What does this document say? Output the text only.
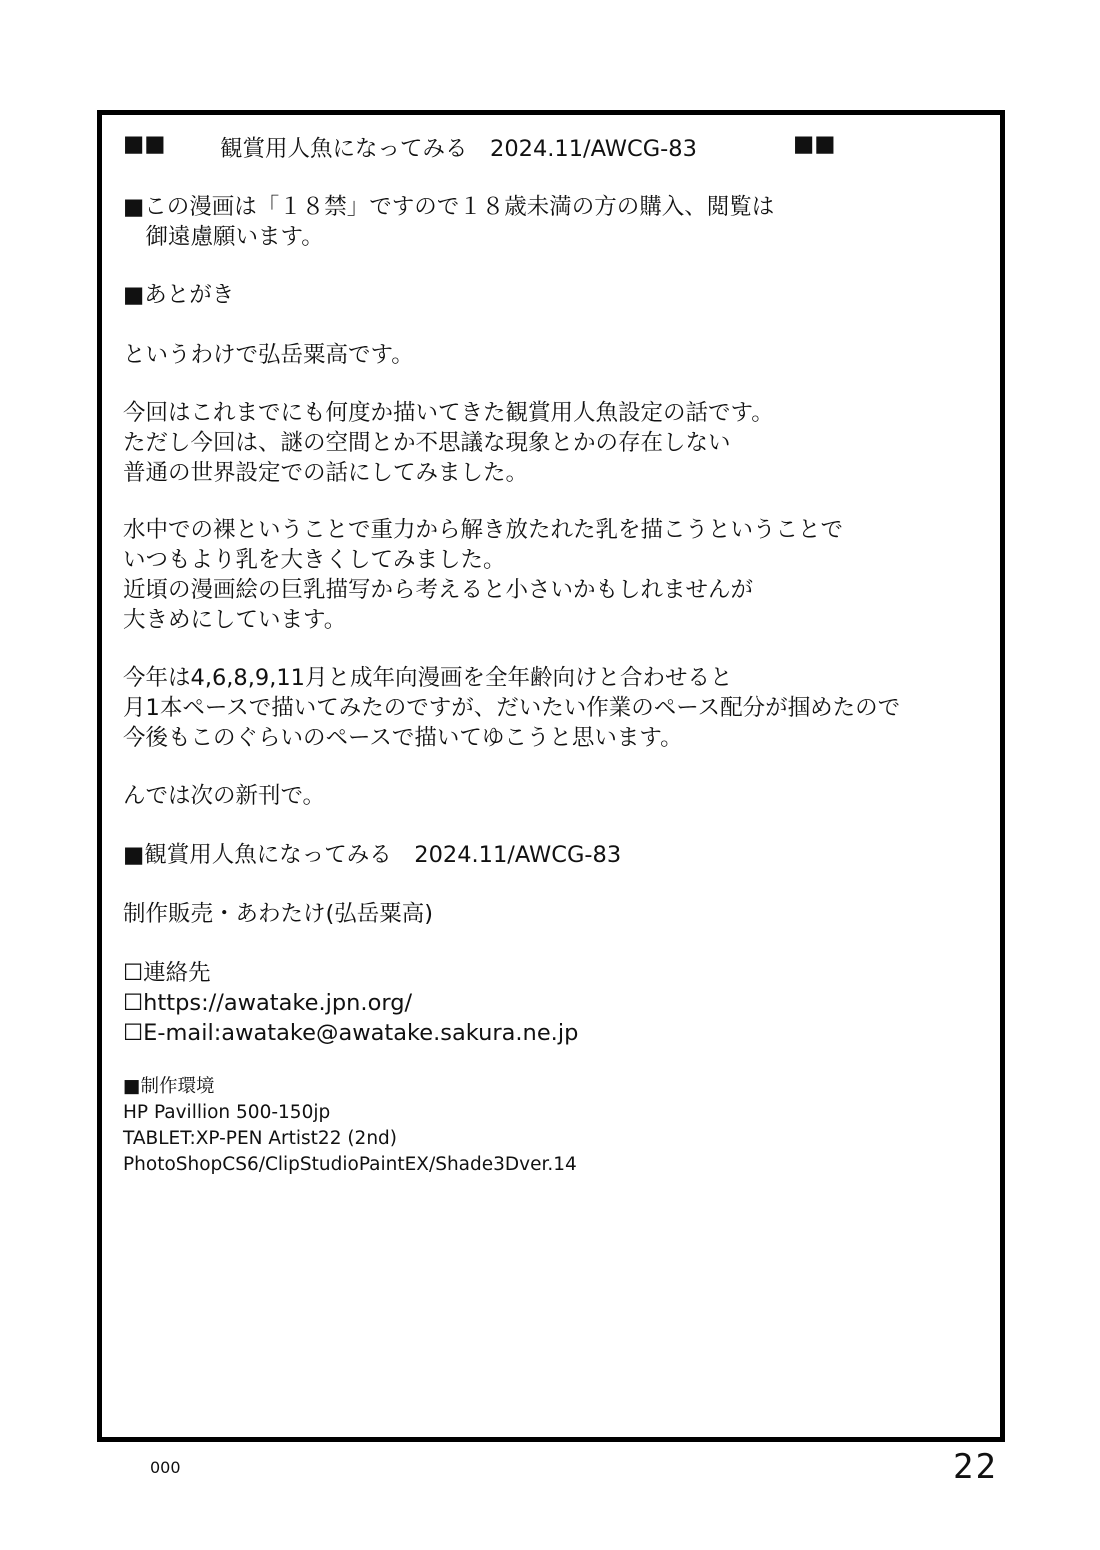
■■ 観賞用人魚になってみる　2024.11/AWCG-83	■■
■この漫画は「１８禁」ですので１８歳未満の方の購入、閲覧は
　御遠慮願います。
■あとがき
というわけで弘岳粟高です。
今回はこれまでにも何度か描いてきた観賞用人魚設定の話です。
ただし今回は、謎の空間とか不思議な現象とかの存在しない
普通の世界設定での話にしてみました。
水中での裸ということで重力から解き放たれた乳を描こうということで
いつもより乳を大きくしてみました。
近頃の漫画絵の巨乳描写から考えると小さいかもしれませんが
大きめにしています。
今年は4,6,8,9,11月と成年向漫画を全年齢向けと合わせると
月1本ペースで描いてみたのですが、だいたい作業のペース配分が掴めたので
今後もこのぐらいのペースで描いてゆこうと思います。
んでは次の新刊で。
■観賞用人魚になってみる　2024.11/AWCG-83
制作販売・あわたけ(弘岳粟高)
☐連絡先
☐https://awatake.jpn.org/
☐E-mail:awatake@awatake.sakura.ne.jp
■制作環境
HP Pavillion 500-150jp
TABLET:XP-PEN Artist22 (2nd)
PhotoShopCS6/ClipStudioPaintEX/Shade3Dver.14
000	22
